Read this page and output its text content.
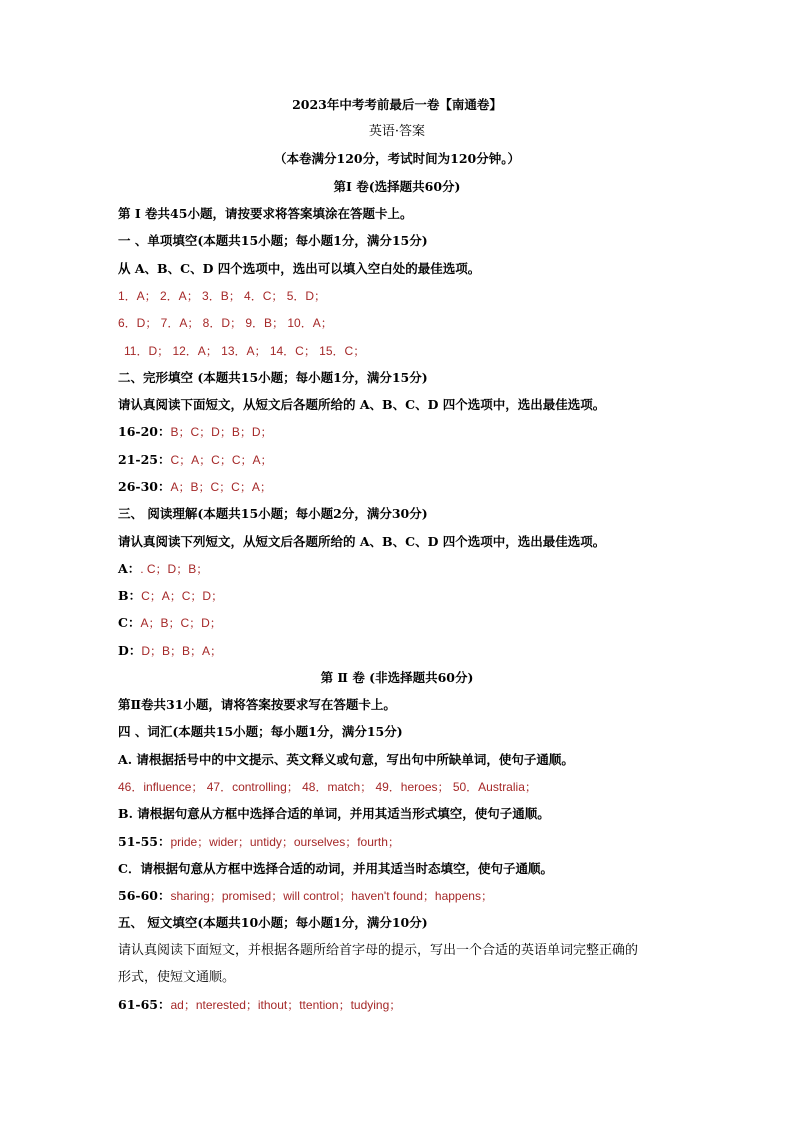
2023年中考考前最后一卷【南通卷】
英语·答案
（本卷满分120分，考试时间为120分钟。）
第Ⅰ 卷(选择题共60分)
第 Ⅰ 卷共45小题，请按要求将答案填涂在答题卡上。
一 、单项填空(本题共15小题；每小题1分，满分15分)
从 A、B、C、D 四个选项中，选出可以填入空白处的最佳选项。
1．A； 2．A； 3．B； 4．C； 5．D；
6．D； 7．A； 8．D； 9．B； 10．A；
11．D； 12．A； 13．A； 14．C； 15．C；
二、完形填空 (本题共15小题；每小题1分，满分15分)
请认真阅读下面短文，从短文后各题所给的 A、B、C、D 四个选项中，选出最佳选项。
16-20：B；C；D；B；D；
21-25：C；A；C；C；A；
26-30：A；B；C；C；A；
三、 阅读理解(本题共15小题；每小题2分，满分30分)
请认真阅读下列短文，从短文后各题所给的 A、B、C、D 四个选项中，选出最佳选项。
A：. C；D；B；
B：C；A；C；D；
C：A；B；C；D；
D：D；B；B；A；
第 Ⅱ 卷 (非选择题共60分)
第Ⅱ卷共31小题，请将答案按要求写在答题卡上。
四 、词汇(本题共15小题；每小题1分，满分15分)
A. 请根据括号中的中文提示、英文释义或句意，写出句中所缺单词，使句子通顺。
46．influence； 47．controlling； 48．match； 49．heroes； 50．Australia；
B. 请根据句意从方框中选择合适的单词，并用其适当形式填空，使句子通顺。
51-55：pride；wider；untidy；ourselves；fourth；
C．请根据句意从方框中选择合适的动词，并用其适当时态填空，使句子通顺。
56-60：sharing；promised；will control；haven't found；happens；
五、 短文填空(本题共10小题；每小题1分，满分10分)
请认真阅读下面短文，并根据各题所给首字母的提示，写出一个合适的英语单词完整正确的
形式，使短文通顺。
61-65：ad；nterested；ithout；ttention；tudying；
